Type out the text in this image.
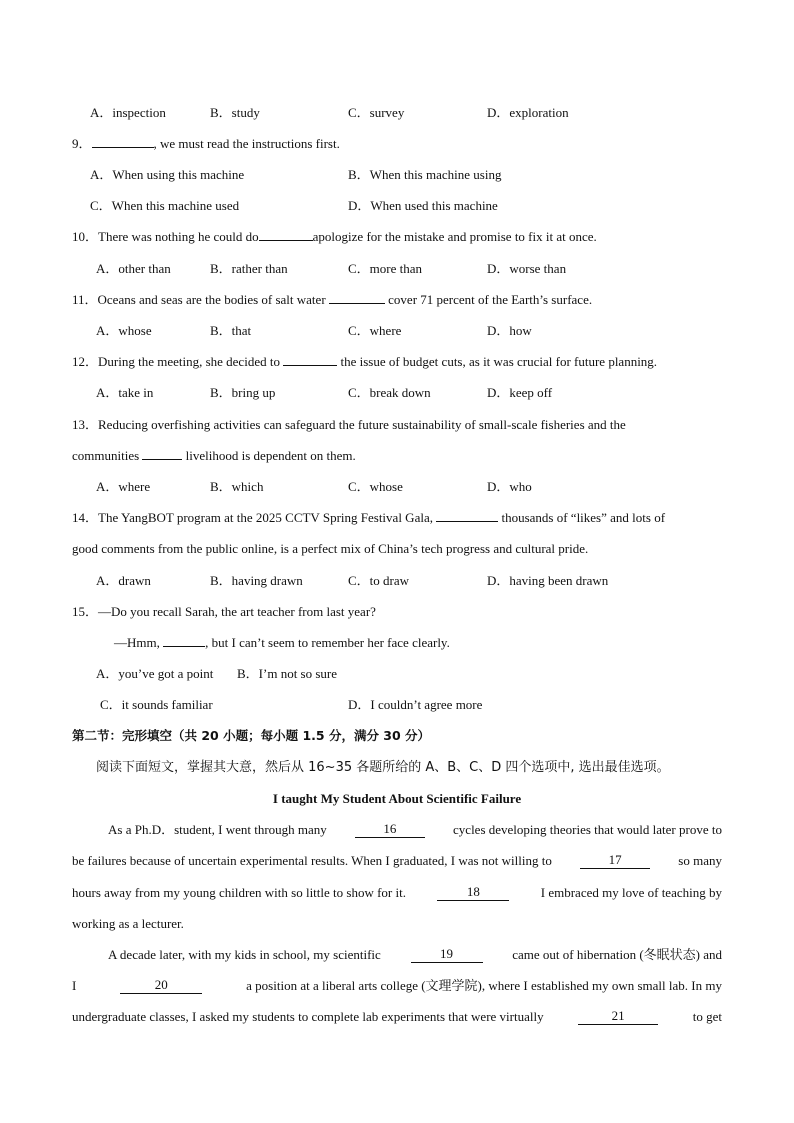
A．inspection	B．study	C．survey	D．exploration
9．	, we must read the instructions first.
A．When using this machine	B．When this machine using
C．When this machine used	D．When used this machine
10．There was nothing he could do	apologize for the mistake and promise to fix it at once.
A．other than	B．rather than	C．more than	D．worse than
11．Oceans and seas are the bodies of salt water	cover 71 percent of the Earth’s surface.
A．whose	B．that	C．where	D．how
12．During the meeting, she decided to	the issue of budget cuts, as it was crucial for future planning.
A．take in	B．bring up	C．break down	D．keep off
13．Reducing overfishing activities can safeguard the future sustainability of small-scale fisheries and the
communities	livelihood is dependent on them.
A．where	B．which	C．whose	D．who
14．The YangBOT program at the 2025 CCTV Spring Festival Gala,	thousands of “likes” and lots of
good comments from the public online, is a perfect mix of China’s tech progress and cultural pride.
A．drawn	B．having drawn	C．to draw	D．having been drawn
15．—Do you recall Sarah, the art teacher from last year?
—Hmm,	, but I can’t seem to remember her face clearly.
A．you’ve got a point B．I’m not so sure
C．it sounds familiar	D．I couldn’t agree more
第二节：完形填空（共 20 小题；每小题 1.5 分，满分 30 分）
阅读下面短文，掌握其大意，然后从 16~35 各题所给的 A、B、C、D 四个选项中, 选出最佳选项。
I taught My Student About Scientific Failure
As a Ph.D．student, I went through many	16	cycles developing theories that would later prove to
be failures because of uncertain experimental results. When I graduated, I was not willing to	17	so many
hours away from my young children with so little to show for it.	18	I embraced my love of teaching by
working as a lecturer.
A decade later, with my kids in school, my scientific	19	came out of hibernation (冬眠状态) and
I	20	a position at a liberal arts college (文理学院), where I established my own small lab. In my
undergraduate classes, I asked my students to complete lab experiments that were virtually	21	to get
